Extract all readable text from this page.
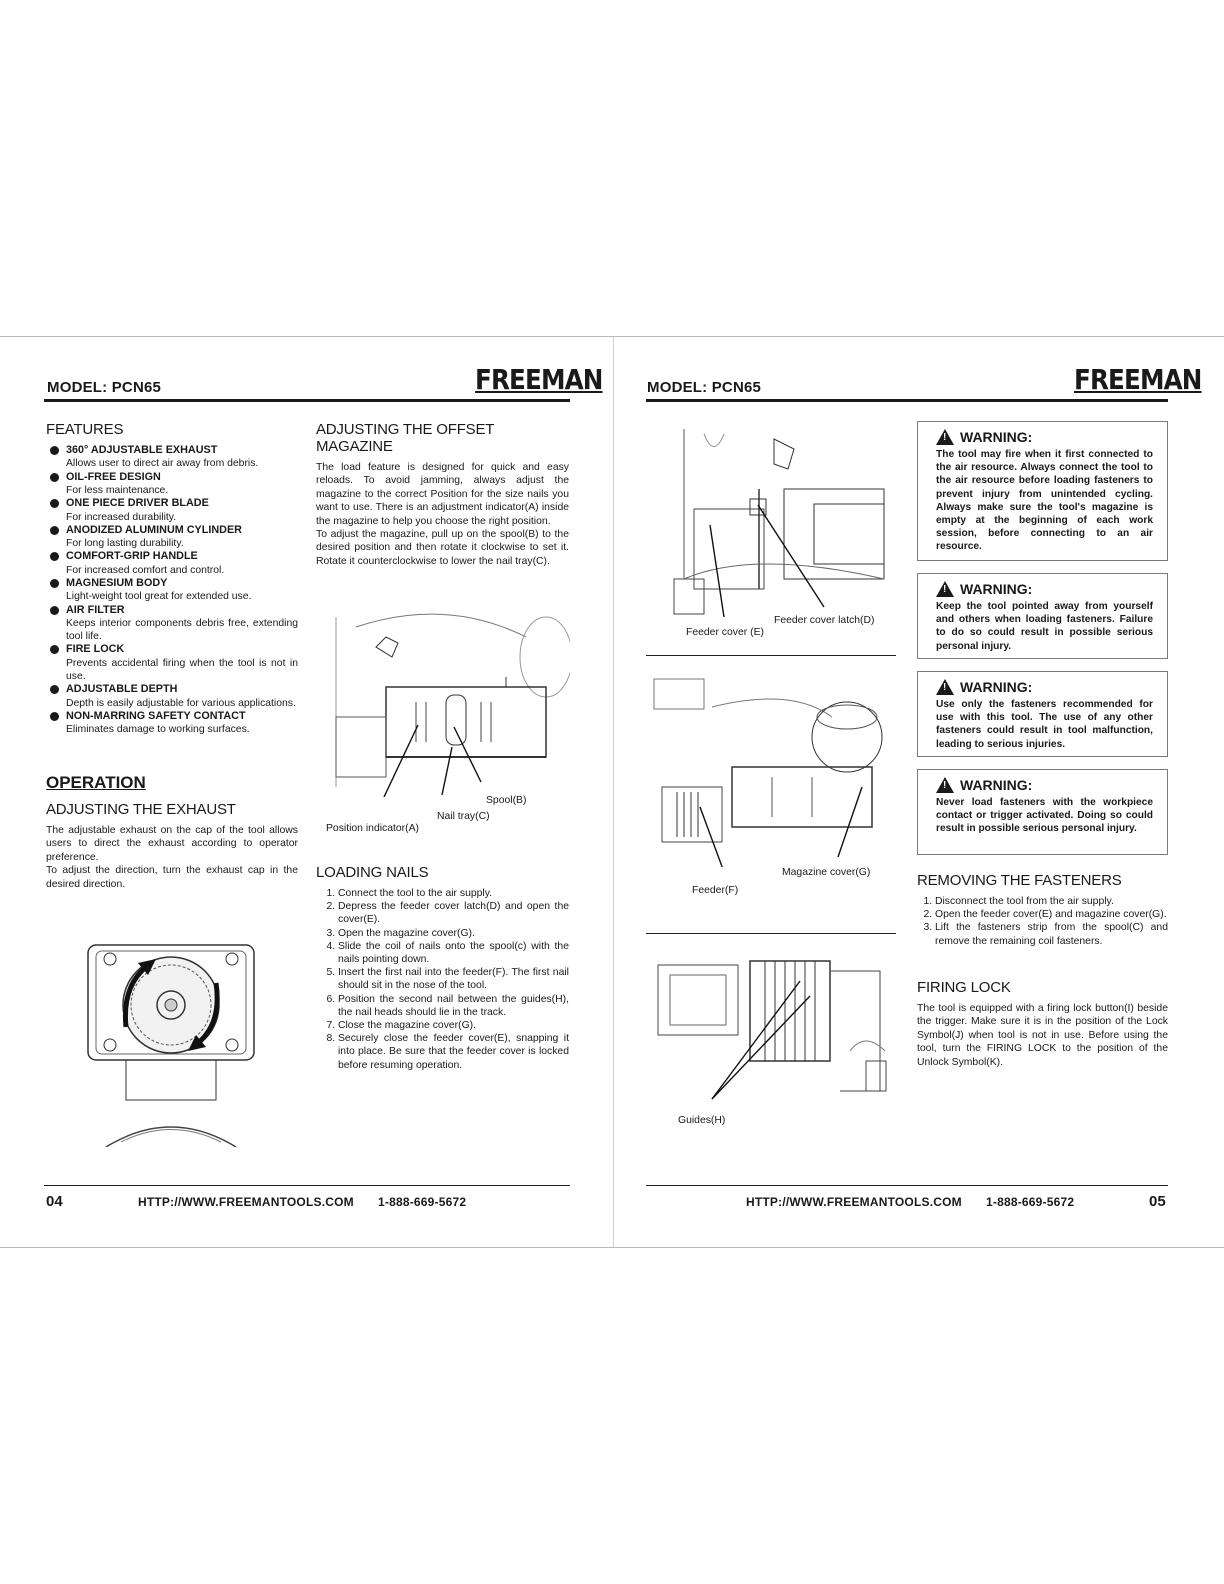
MODEL: PCN65	FREEMAN
FEATURES
360° ADJUSTABLE EXHAUST
Allows user to direct air away from debris.
OIL-FREE DESIGN
For less maintenance.
ONE PIECE DRIVER BLADE
For increased durability.
ANODIZED ALUMINUM CYLINDER
For long lasting durability.
COMFORT-GRIP HANDLE
For increased comfort and control.
MAGNESIUM BODY
Light-weight tool great for extended use.
AIR FILTER
Keeps interior components debris free, extending tool life.
FIRE LOCK
Prevents accidental firing when the tool is not in use.
ADJUSTABLE DEPTH
Depth is easily adjustable for various applications.
NON-MARRING SAFETY CONTACT
Eliminates damage to working surfaces.
OPERATION
ADJUSTING THE EXHAUST
The adjustable exhaust on the cap of the tool allows users to direct the exhaust according to operator preference.
To adjust the direction, turn the exhaust cap in the desired direction.
ADJUSTING THE OFFSET MAGAZINE
The load feature is designed for quick and easy reloads. To avoid jamming, always adjust the magazine to the correct Position for the size nails you want to use. There is an adjustment indicator(A) inside the magazine to help you choose the right position.
To adjust the magazine, pull up on the spool(B) to the desired position and then rotate it clockwise to set it. Rotate it counterclockwise to lower the nail tray(C).
Spool(B)
Nail tray(C)
Position indicator(A)
LOADING NAILS
1. Connect the tool to the air supply.
2. Depress the feeder cover latch(D) and open the cover(E).
3. Open the magazine cover(G).
4. Slide the coil of nails onto the spool(c) with the nails pointing down.
5. Insert the first nail into the feeder(F). The first nail should sit in the nose of the tool.
6. Position the second nail between the guides(H), the nail heads should lie in the track.
7. Close the magazine cover(G).
8. Securely close the feeder cover(E), snapping it into place. Be sure that the feeder cover is locked before resuming operation.
04	HTTP://WWW.FREEMANTOOLS.COM 1-888-669-5672
MODEL: PCN65	FREEMAN
Feeder cover latch(D)
Feeder cover (E)
Magazine cover(G)
Feeder(F)
Guides(H)
!
WARNING:
The tool may fire when it first connected to the air resource. Always connect the tool to the air resource before loading fasteners to prevent injury from unintended cycling. Always make sure the tool's magazine is empty at the beginning of each work session, before connecting to an air resource.
!
WARNING:
Keep the tool pointed away from yourself and others when loading fasteners. Failure to do so could result in possible serious personal injury.
!
WARNING:
Use only the fasteners recommended for use with this tool. The use of any other fasteners could result in tool malfunction, leading to serious injuries.
!
WARNING:
Never load fasteners with the workpiece contact or trigger activated. Doing so could result in possible serious personal injury.
REMOVING THE FASTENERS
1. Disconnect the tool from the air supply.
2. Open the feeder cover(E) and magazine cover(G).
3. Lift the fasteners strip from the spool(C) and remove the remaining coil fasteners.
FIRING LOCK
The tool is equipped with a firing lock button(I) beside the trigger. Make sure it is in the position of the Lock Symbol(J) when tool is not in use. Before using the tool, turn the FIRING LOCK to the position of the Unlock Symbol(K).
HTTP://WWW.FREEMANTOOLS.COM 1-888-669-5672	05
